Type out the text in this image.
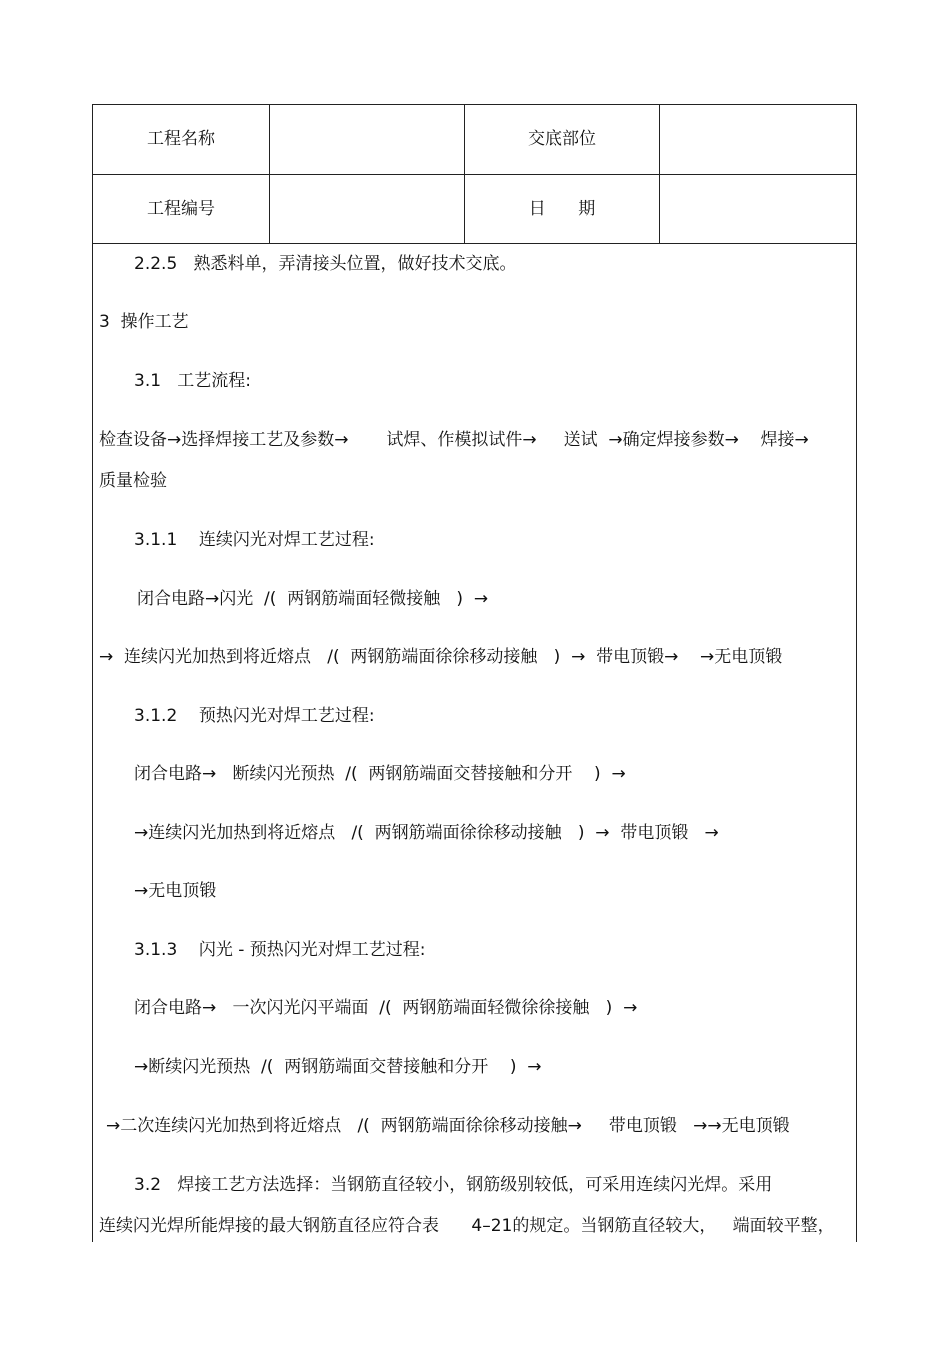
工程名称	交底部位
工程编号	日      期
2.2.5   熟悉料单，弄清接头位置，做好技术交底。
3  操作工艺
3.1   工艺流程:
检查设备→选择焊接工艺及参数→       试焊、作模拟试件→     送试  →确定焊接参数→    焊接→
质量检验
3.1.1    连续闪光对焊工艺过程:
闭合电路→闪光  /(  两钢筋端面轻微接触   )  →
→  连续闪光加热到将近熔点   /(  两钢筋端面徐徐移动接触   )  →  带电顶锻→    →无电顶锻
3.1.2    预热闪光对焊工艺过程:
闭合电路→   断续闪光预热  /(  两钢筋端面交替接触和分开    )  →
→连续闪光加热到将近熔点   /(  两钢筋端面徐徐移动接触   )  →  带电顶锻   →
→无电顶锻
3.1.3    闪光 - 预热闪光对焊工艺过程:
闭合电路→   一次闪光闪平端面  /(  两钢筋端面轻微徐徐接触   )  →
→断续闪光预热  /(  两钢筋端面交替接触和分开    )  →
→二次连续闪光加热到将近熔点   /(  两钢筋端面徐徐移动接触→     带电顶锻   →→无电顶锻
3.2   焊接工艺方法选择：当钢筋直径较小，钢筋级别较低，可采用连续闪光焊。采用
连续闪光焊所能焊接的最大钢筋直径应符合表      4–21的规定。当钢筋直径较大，   端面较平整，
